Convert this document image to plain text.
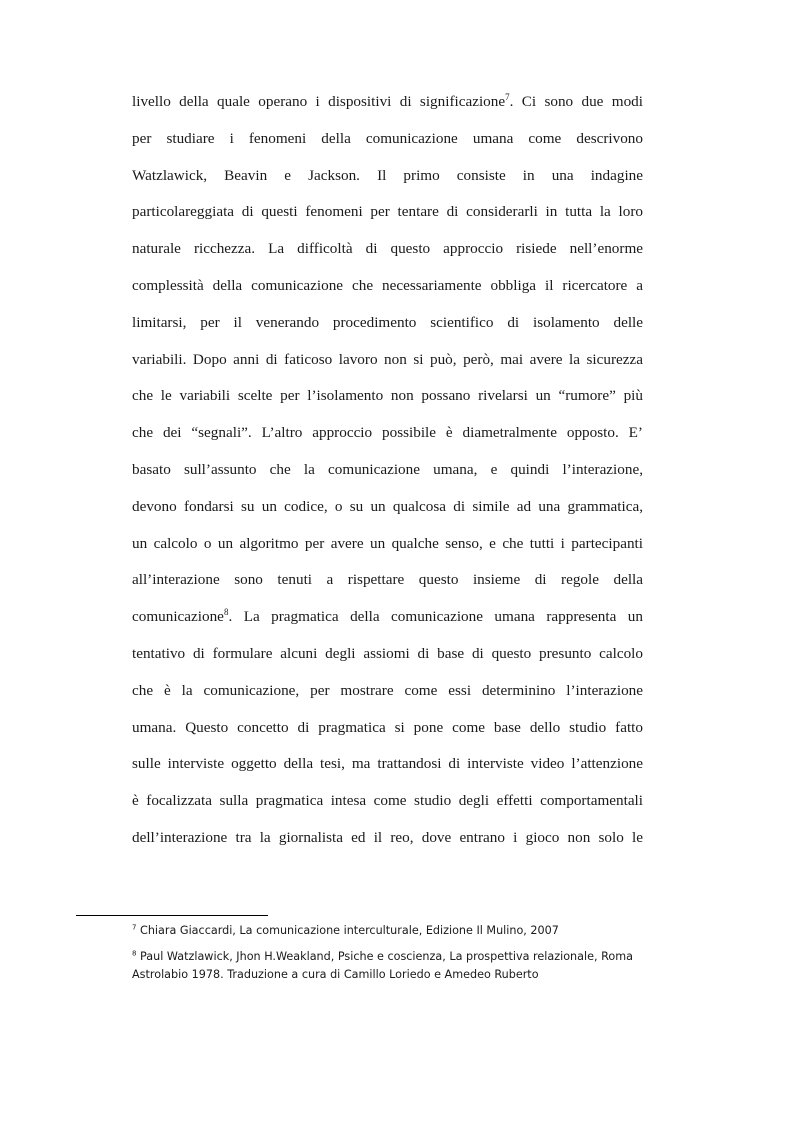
livello della quale operano i dispositivi di significazione$^7$. Ci sono due modi
per studiare i fenomeni della comunicazione umana come descrivono
Watzlawick, Beavin e Jackson. Il primo consiste in una indagine
particolareggiata di questi fenomeni per tentare di considerarli in tutta la loro
naturale ricchezza. La difficoltà di questo approccio risiede nell’enorme
complessità della comunicazione che necessariamente obbliga il ricercatore a
limitarsi, per il venerando procedimento scientifico di isolamento delle
variabili. Dopo anni di faticoso lavoro non si può, però, mai avere la sicurezza
che le variabili scelte per l’isolamento non possano rivelarsi un “rumore” più
che dei “segnali”. L’altro approccio possibile è diametralmente opposto. E’
basato sull’assunto che la comunicazione umana, e quindi l’interazione,
devono fondarsi su un codice, o su un qualcosa di simile ad una grammatica,
un calcolo o un algoritmo per avere un qualche senso, e che tutti i partecipanti
all’interazione sono tenuti a rispettare questo insieme di regole della
comunicazione$^8$. La pragmatica della comunicazione umana rappresenta un
tentativo di formulare alcuni degli assiomi di base di questo presunto calcolo
che è la comunicazione, per mostrare come essi determinino l’interazione
umana. Questo concetto di pragmatica si pone come base dello studio fatto
sulle interviste oggetto della tesi, ma trattandosi di interviste video l’attenzione
è focalizzata sulla pragmatica intesa come studio degli effetti comportamentali
dell’interazione tra la giornalista ed il reo, dove entrano i gioco non solo le

$^7$ Chiara Giaccardi, La comunicazione interculturale, Edizione Il Mulino, 2007

$^8$ Paul Watzlawick, Jhon H.Weakland, Psiche e coscienza, La prospettiva relazionale, Roma Astrolabio 1978. Traduzione a cura di Camillo Loriedo e Amedeo Ruberto
